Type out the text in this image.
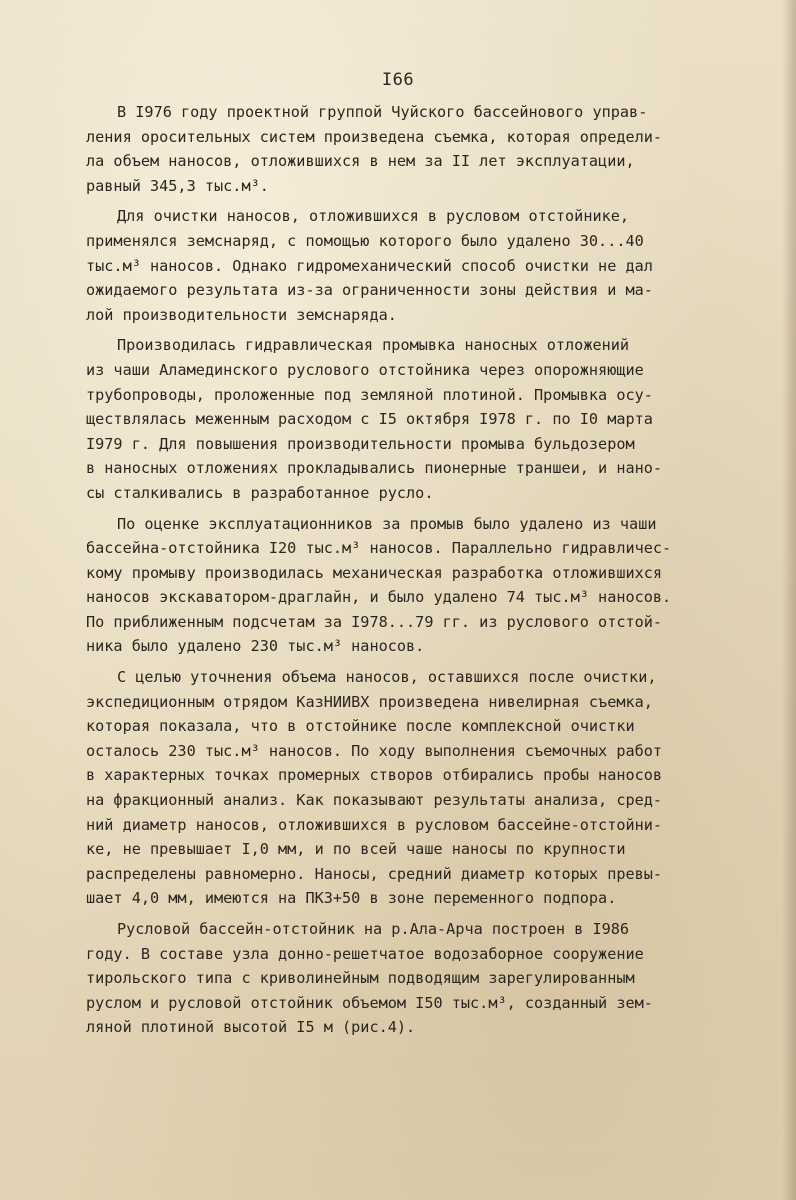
I66
В I976 году проектной группой Чуйского бассейнового управ-
ления оросительных систем произведена съемка, которая определи-
ла объем наносов, отложившихся в нем за II лет эксплуатации,
равный 345,3 тыс.м³.
Для очистки наносов, отложившихся в русловом отстойнике,
применялся земснаряд, с помощью которого было удалено 30...40
тыс.м³ наносов. Однако гидромеханический способ очистки не дал
ожидаемого результата из-за ограниченности зоны действия и ма-
лой производительности земснаряда.
Производилась гидравлическая промывка наносных отложений
из чаши Аламединского руслового отстойника через опорожняющие
трубопроводы, проложенные под земляной плотиной. Промывка осу-
ществлялась меженным расходом с I5 октября I978 г. по I0 марта
I979 г. Для повышения производительности промыва бульдозером
в наносных отложениях прокладывались пионерные траншеи, и нано-
сы сталкивались в разработанное русло.
По оценке эксплуатационников за промыв было удалено из чаши
бассейна-отстойника I20 тыс.м³ наносов. Параллельно гидравличес-
кому промыву производилась механическая разработка отложившихся
наносов экскаватором-драглайн, и было удалено 74 тыс.м³ наносов.
По приближенным подсчетам за I978...79 гг. из руслового отстой-
ника было удалено 230 тыс.м³ наносов.
С целью уточнения объема наносов, оставшихся после очистки,
экспедиционным отрядом КазНИИВХ произведена нивелирная съемка,
которая показала, что в отстойнике после комплексной очистки
осталось 230 тыс.м³ наносов. По ходу выполнения съемочных работ
в характерных точках промерных створов отбирались пробы наносов
на фракционный анализ. Как показывают результаты анализа, сред-
ний диаметр наносов, отложившихся в русловом бассейне-отстойни-
ке, не превышает I,0 мм, и по всей чаше наносы по крупности
распределены равномерно. Наносы, средний диаметр которых превы-
шает 4,0 мм, имеются на ПКЗ+50 в зоне переменного подпора.
Русловой бассейн-отстойник на р.Ала-Арча построен в I986
году. В составе узла донно-решетчатое водозаборное сооружение
тирольского типа с криволинейным подводящим зарегулированным
руслом и русловой отстойник объемом I50 тыс.м³, созданный зем-
ляной плотиной высотой I5 м (рис.4).
